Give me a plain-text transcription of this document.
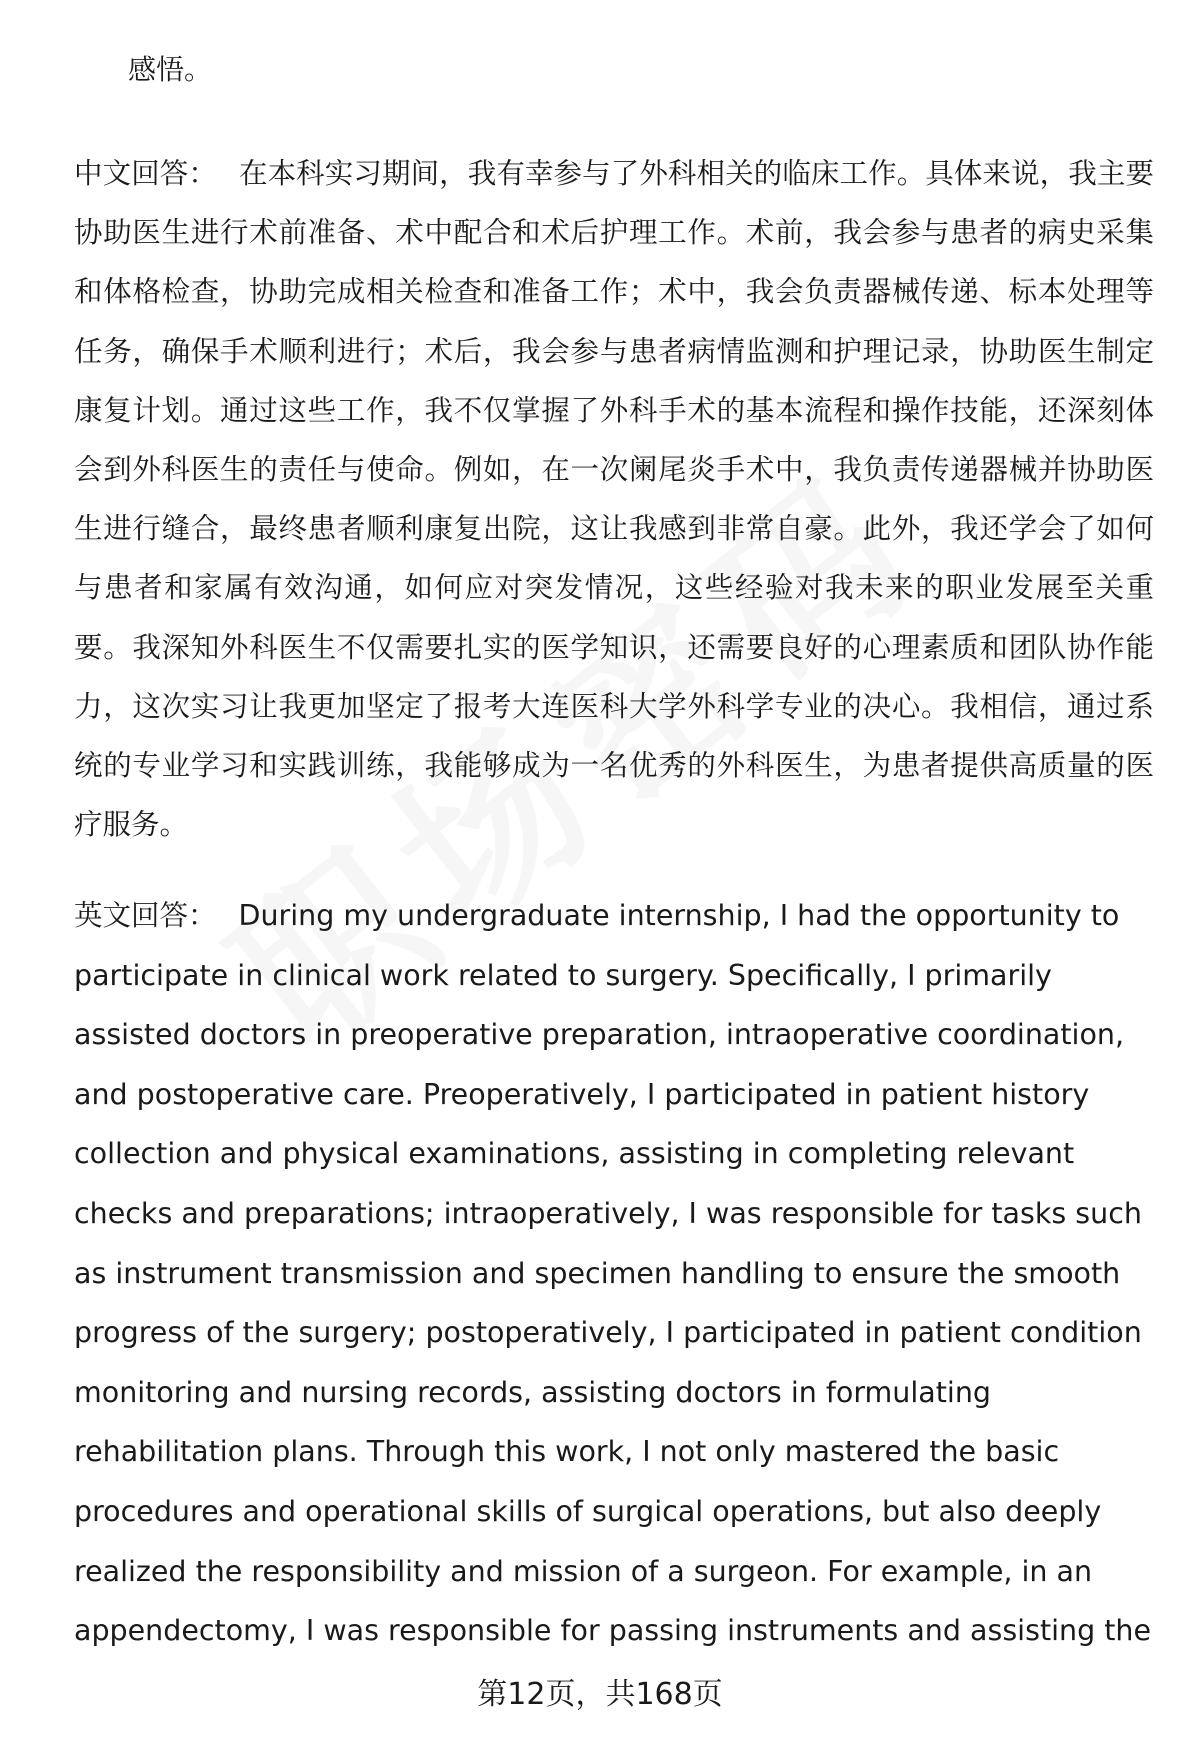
感悟。
中文回答： 在本科实习期间，我有幸参与了外科相关的临床工作。具体来说，我主要协助医生进行术前准备、术中配合和术后护理工作。术前，我会参与患者的病史采集和体格检查，协助完成相关检查和准备工作；术中，我会负责器械传递、标本处理等任务，确保手术顺利进行；术后，我会参与患者病情监测和护理记录，协助医生制定康复计划。通过这些工作，我不仅掌握了外科手术的基本流程和操作技能，还深刻体会到外科医生的责任与使命。例如，在一次阑尾炎手术中，我负责传递器械并协助医生进行缝合，最终患者顺利康复出院，这让我感到非常自豪。此外，我还学会了如何与患者和家属有效沟通，如何应对突发情况，这些经验对我未来的职业发展至关重要。我深知外科医生不仅需要扎实的医学知识，还需要良好的心理素质和团队协作能力，这次实习让我更加坚定了报考大连医科大学外科学专业的决心。我相信，通过系统的专业学习和实践训练，我能够成为一名优秀的外科医生，为患者提供高质量的医疗服务。
英文回答： During my undergraduate internship, I had the opportunity to participate in clinical work related to surgery. Specifically, I primarily assisted doctors in preoperative preparation, intraoperative coordination, and postoperative care. Preoperatively, I participated in patient history collection and physical examinations, assisting in completing relevant checks and preparations; intraoperatively, I was responsible for tasks such as instrument transmission and specimen handling to ensure the smooth progress of the surgery; postoperatively, I participated in patient condition monitoring and nursing records, assisting doctors in formulating rehabilitation plans. Through this work, I not only mastered the basic procedures and operational skills of surgical operations, but also deeply realized the responsibility and mission of a surgeon. For example, in an appendectomy, I was responsible for passing instruments and assisting the
第12页，共168页
